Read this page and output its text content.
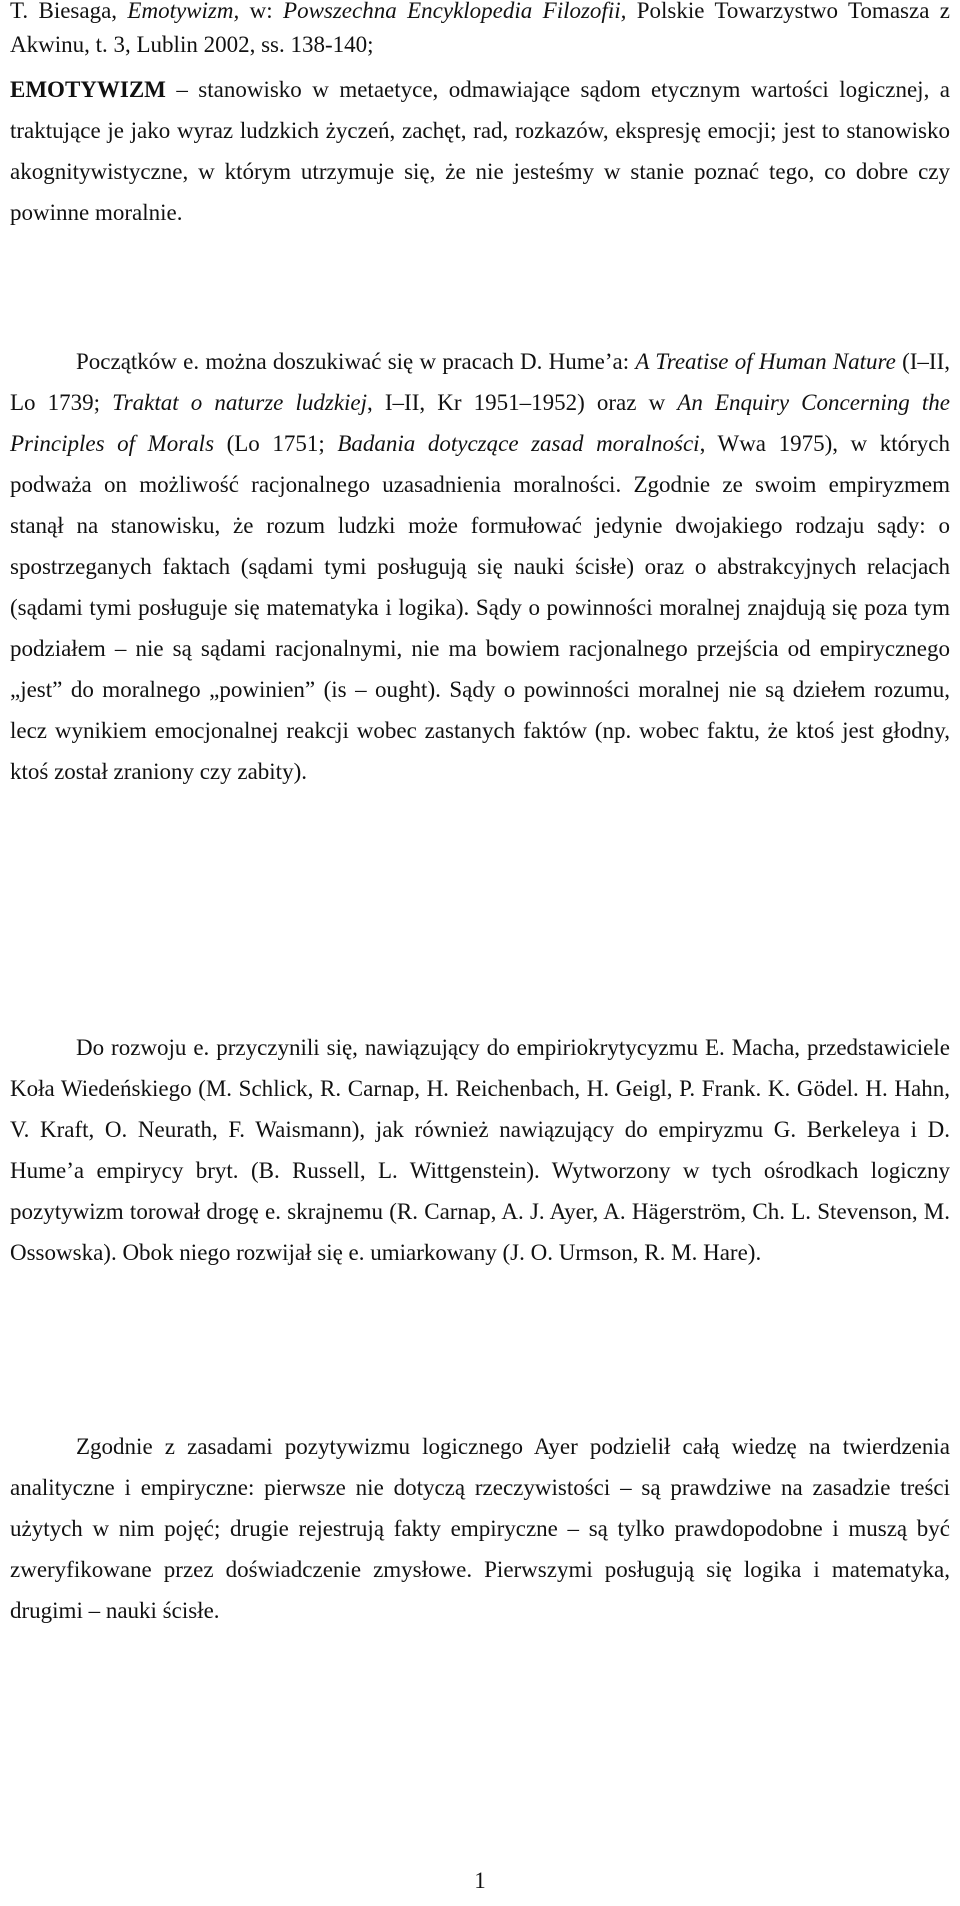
T. Biesaga, Emotywizm, w: Powszechna Encyklopedia Filozofii, Polskie Towarzystwo Tomasza z Akwinu, t. 3, Lublin 2002, ss. 138-140;

EMOTYWIZM – stanowisko w metaetyce, odmawiające sądom etycznym wartości logicznej, a traktujące je jako wyraz ludzkich życzeń, zachęt, rad, rozkazów, ekspresję emocji; jest to stanowisko akognitywistyczne, w którym utrzymuje się, że nie jesteśmy w stanie poznać tego, co dobre czy powinne moralnie.

Początków e. można doszukiwać się w pracach D. Hume’a: A Treatise of Human Nature (I–II, Lo 1739; Traktat o naturze ludzkiej, I–II, Kr 1951–1952) oraz w An Enquiry Concerning the Principles of Morals (Lo 1751; Badania dotyczące zasad moralności, Wwa 1975), w których podważa on możliwość racjonalnego uzasadnienia moralności. Zgodnie ze swoim empiryzmem stanął na stanowisku, że rozum ludzki może formułować jedynie dwojakiego rodzaju sądy: o spostrzeganych faktach (sądami tymi posługują się nauki ścisłe) oraz o abstrakcyjnych relacjach (sądami tymi posługuje się matematyka i logika). Sądy o powinności moralnej znajdują się poza tym podziałem – nie są sądami racjonalnymi, nie ma bowiem racjonalnego przejścia od empirycznego „jest” do moralnego „powinien” (is – ought). Sądy o powinności moralnej nie są dziełem rozumu, lecz wynikiem emocjonalnej reakcji wobec zastanych faktów (np. wobec faktu, że ktoś jest głodny, ktoś został zraniony czy zabity).

Do rozwoju e. przyczynili się, nawiązujący do empiriokrytycyzmu E. Macha, przedstawiciele Koła Wiedeńskiego (M. Schlick, R. Carnap, H. Reichenbach, H. Geigl, P. Frank. K. Gödel. H. Hahn, V. Kraft, O. Neurath, F. Waismann), jak również nawiązujący do empiryzmu G. Berkeleya i D. Hume’a empirycy bryt. (B. Russell, L. Wittgenstein). Wytworzony w tych ośrodkach logiczny pozytywizm torował drogę e. skrajnemu (R. Carnap, A. J. Ayer, A. Hägerström, Ch. L. Stevenson, M. Ossowska). Obok niego rozwijał się e. umiarkowany (J. O. Urmson, R. M. Hare).

Zgodnie z zasadami pozytywizmu logicznego Ayer podzielił całą wiedzę na twierdzenia analityczne i empiryczne: pierwsze nie dotyczą rzeczywistości – są prawdziwe na zasadzie treści użytych w nim pojęć; drugie rejestrują fakty empiryczne – są tylko prawdopodobne i muszą być zweryfikowane przez doświadczenie zmysłowe. Pierwszymi posługują się logika i matematyka, drugimi – nauki ścisłe.

1
